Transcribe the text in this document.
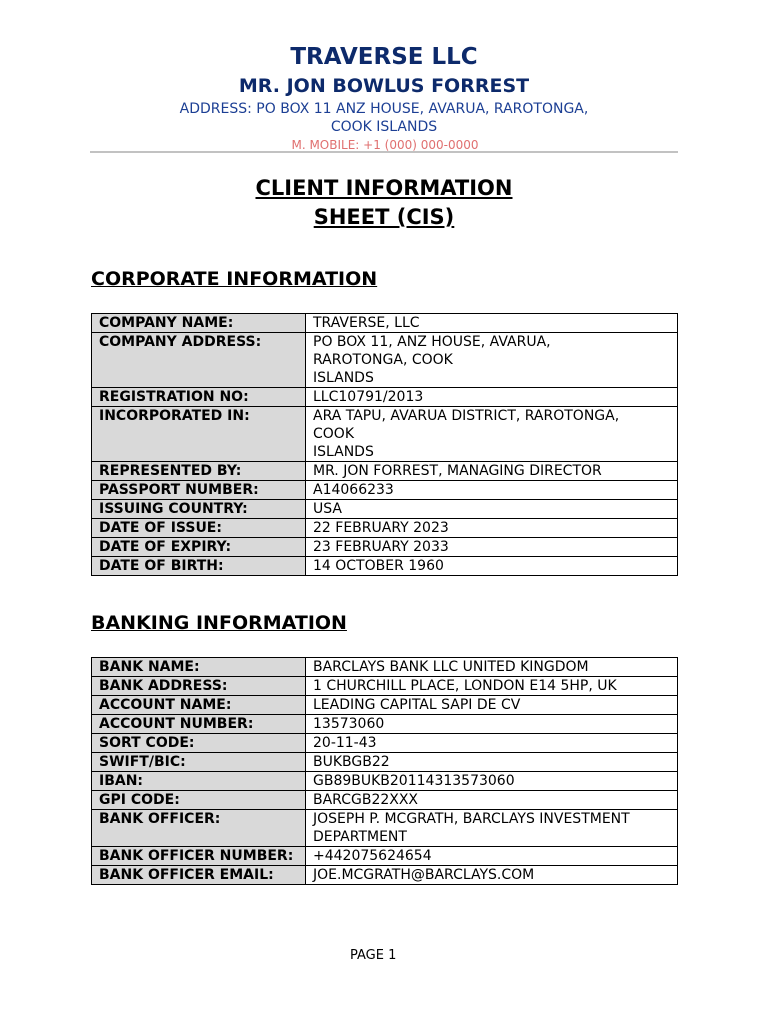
TRAVERSE LLC
MR. JON BOWLUS FORREST
ADDRESS: PO BOX 11 ANZ HOUSE, AVARUA, RAROTONGA,
COOK ISLANDS
M. MOBILE: +1 (000) 000-0000
CLIENT INFORMATION
SHEET (CIS)
CORPORATE INFORMATION
COMPANY NAME:	TRAVERSE, LLC

COMPANY ADDRESS:	PO BOX 11, ANZ HOUSE, AVARUA,
RAROTONGA, COOK
ISLANDS

REGISTRATION NO:	LLC10791/2013

INCORPORATED IN:	ARA TAPU, AVARUA DISTRICT, RAROTONGA,
COOK
ISLANDS

REPRESENTED BY:	MR. JON FORREST, MANAGING DIRECTOR

PASSPORT NUMBER:	A14066233

ISSUING COUNTRY:	USA

DATE OF ISSUE:	22 FEBRUARY 2023

DATE OF EXPIRY:	23 FEBRUARY 2033

DATE OF BIRTH:	14 OCTOBER 1960
BANKING INFORMATION
BANK NAME:	BARCLAYS BANK LLC UNITED KINGDOM

BANK ADDRESS:	1 CHURCHILL PLACE, LONDON E14 5HP, UK

ACCOUNT NAME:	LEADING CAPITAL SAPI DE CV

ACCOUNT NUMBER:	13573060

SORT CODE:	20-11-43

SWIFT/BIC:	BUKBGB22

IBAN:	GB89BUKB20114313573060

GPI CODE:	BARCGB22XXX

BANK OFFICER:	JOSEPH P. MCGRATH, BARCLAYS INVESTMENT
DEPARTMENT

BANK OFFICER NUMBER:	+442075624654

BANK OFFICER EMAIL:	JOE.MCGRATH@BARCLAYS.COM
PAGE 1
